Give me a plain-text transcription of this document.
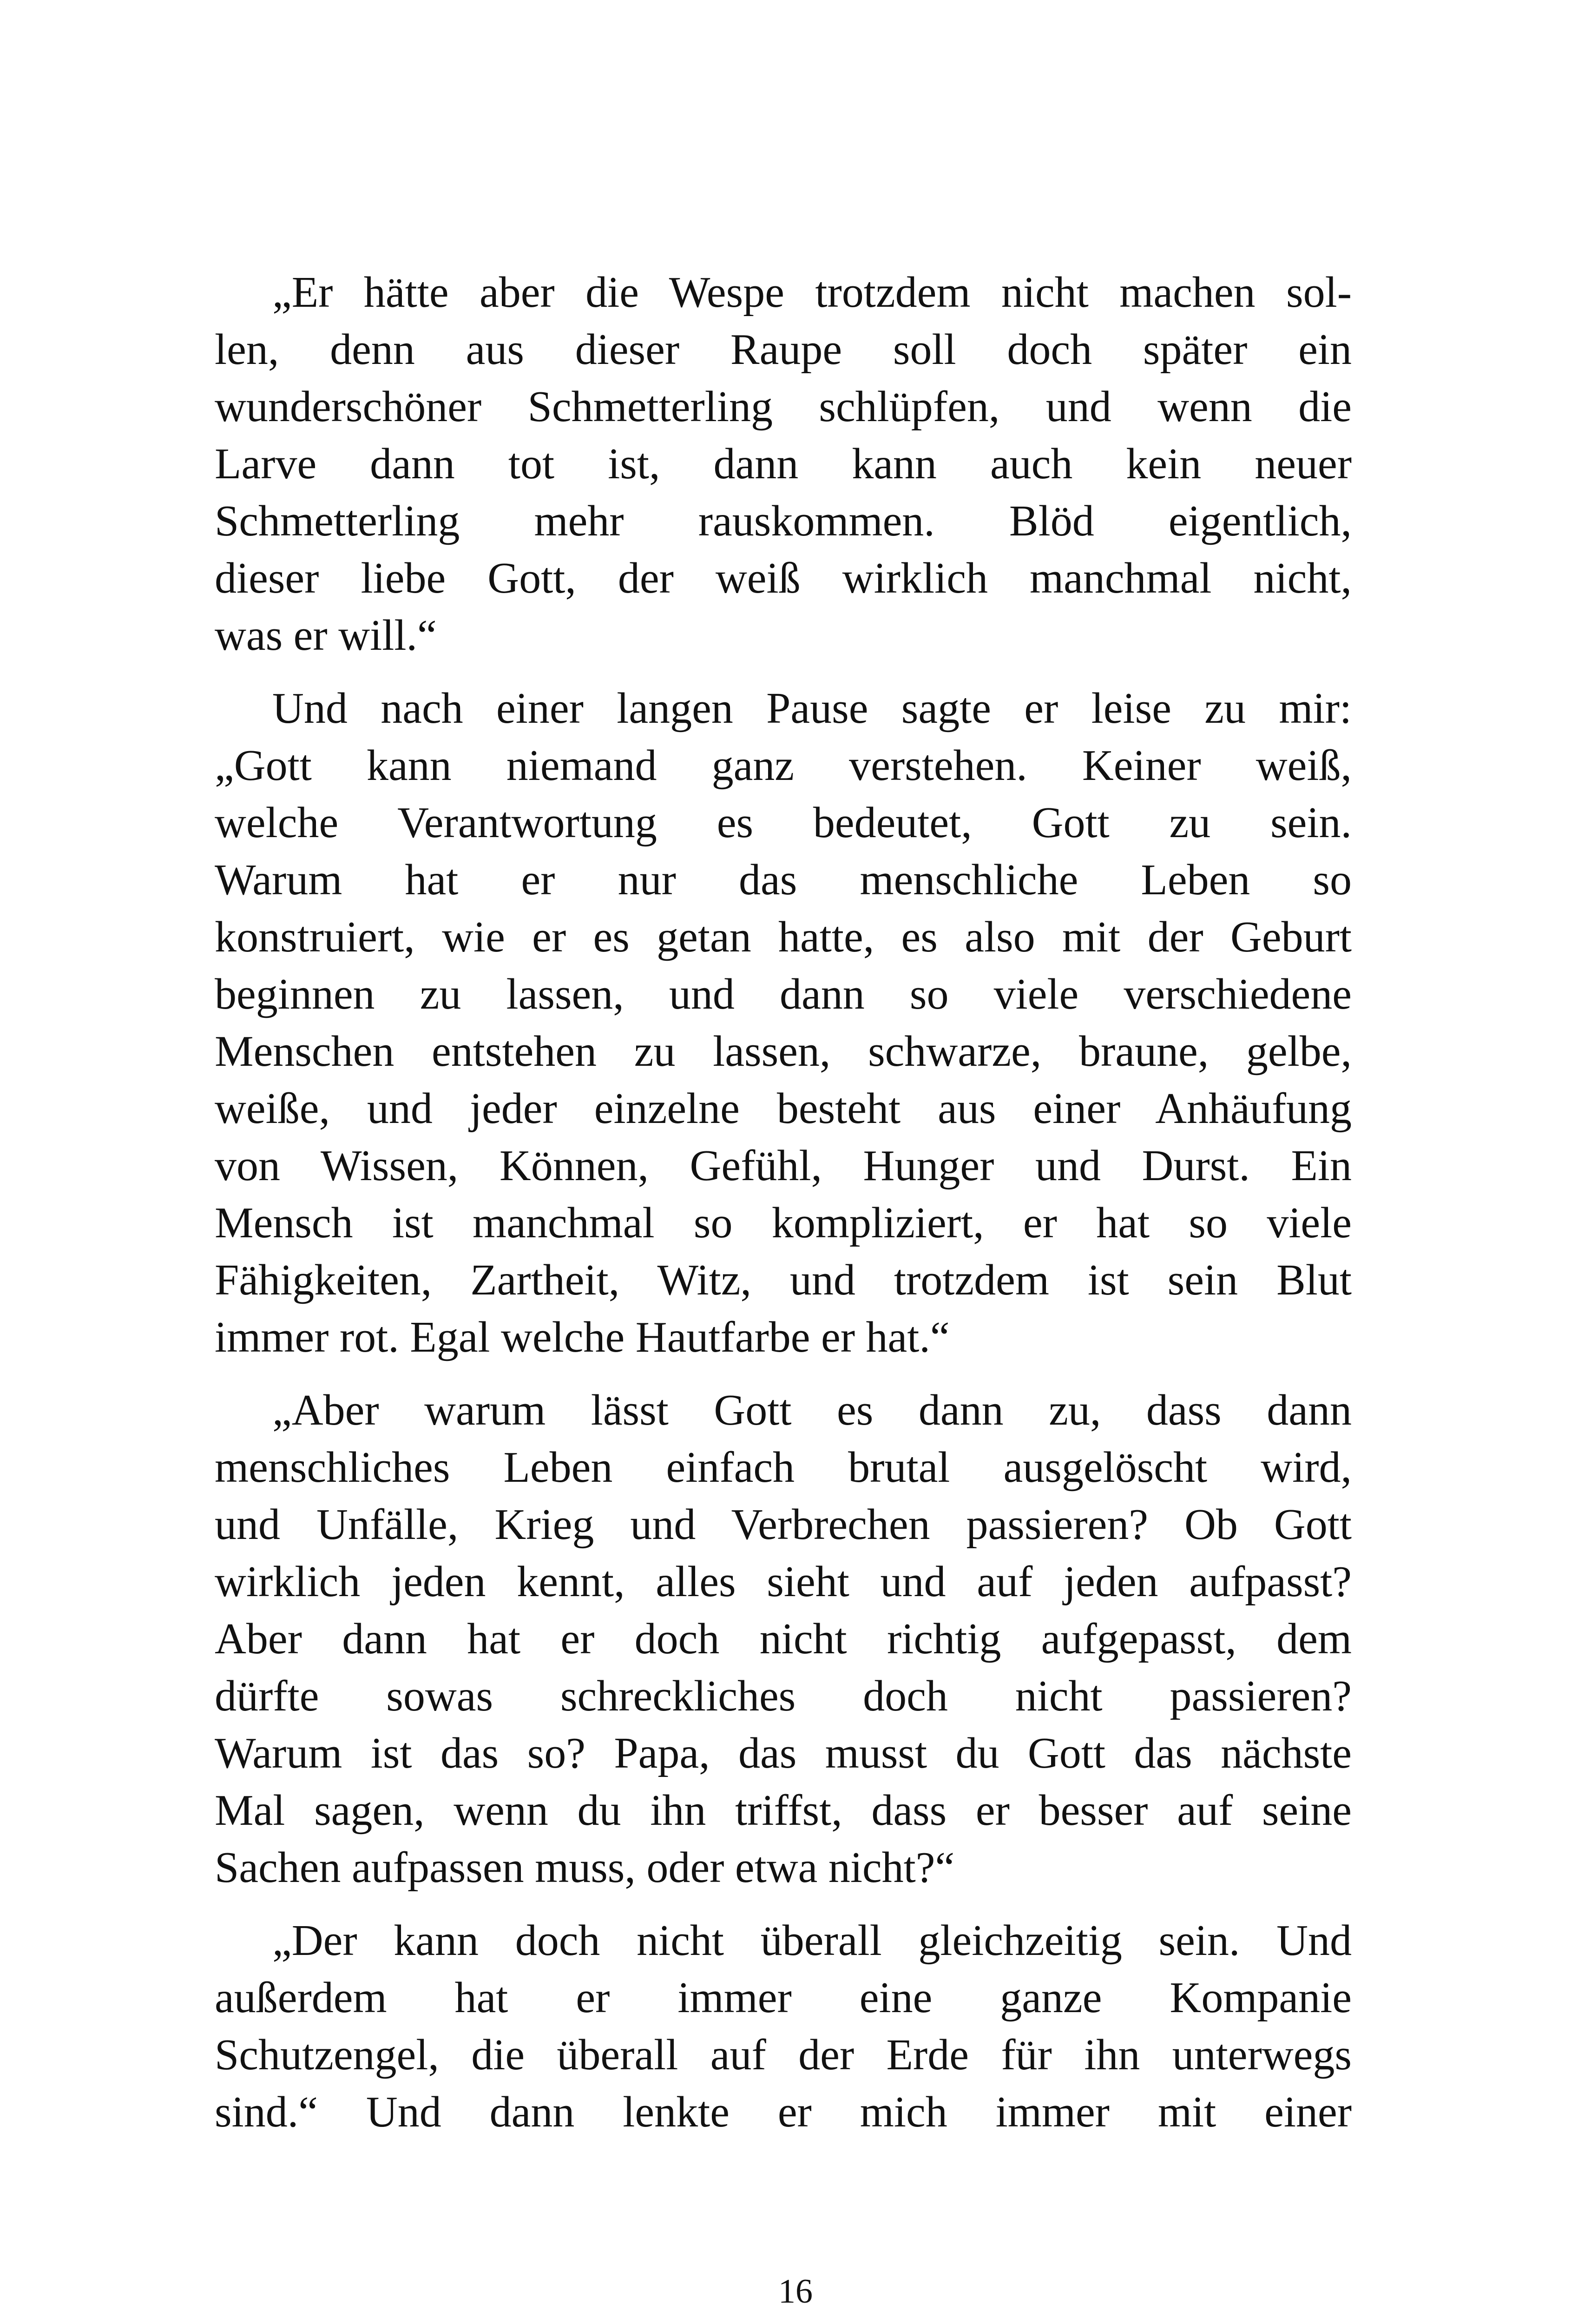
„Er hätte aber die Wespe trotzdem nicht machen sol-
len, denn aus dieser Raupe soll doch später ein
wunderschöner Schmetterling schlüpfen, und wenn die
Larve dann tot ist, dann kann auch kein neuer
Schmetterling mehr rauskommen. Blöd eigentlich,
dieser liebe Gott, der weiß wirklich manchmal nicht,
was er will.“

Und nach einer langen Pause sagte er leise zu mir:
„Gott kann niemand ganz verstehen. Keiner weiß,
welche Verantwortung es bedeutet, Gott zu sein.
Warum hat er nur das menschliche Leben so
konstruiert, wie er es getan hatte, es also mit der Geburt
beginnen zu lassen, und dann so viele verschiedene
Menschen entstehen zu lassen, schwarze, braune, gelbe,
weiße, und jeder einzelne besteht aus einer Anhäufung
von Wissen, Können, Gefühl, Hunger und Durst. Ein
Mensch ist manchmal so kompliziert, er hat so viele
Fähigkeiten, Zartheit, Witz, und trotzdem ist sein Blut
immer rot. Egal welche Hautfarbe er hat.“

„Aber warum lässt Gott es dann zu, dass dann
menschliches Leben einfach brutal ausgelöscht wird,
und Unfälle, Krieg und Verbrechen passieren? Ob Gott
wirklich jeden kennt, alles sieht und auf jeden aufpasst?
Aber dann hat er doch nicht richtig aufgepasst, dem
dürfte sowas schreckliches doch nicht passieren?
Warum ist das so? Papa, das musst du Gott das nächste
Mal sagen, wenn du ihn triffst, dass er besser auf seine
Sachen aufpassen muss, oder etwa nicht?“

„Der kann doch nicht überall gleichzeitig sein. Und
außerdem hat er immer eine ganze Kompanie
Schutzengel, die überall auf der Erde für ihn unterwegs
sind.“ Und dann lenkte er mich immer mit einer

16
